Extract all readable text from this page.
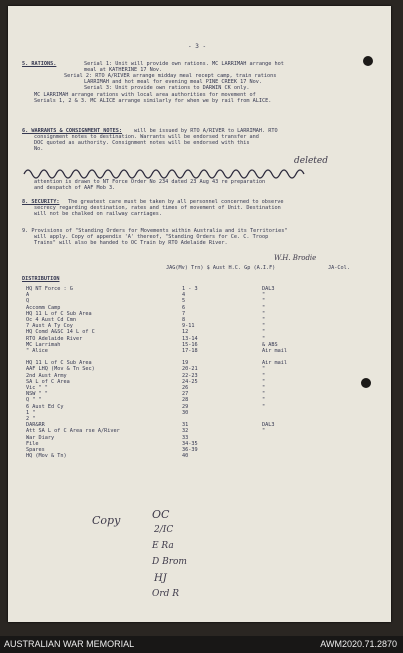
- 3 -
5. RATIONS.	Serial 1: Unit will provide own rations. MC LARRIMAH arrange hot
meal at KATHERINE 17 Nov.
Serial 2: RTO A/RIVER arrange midday meal recept camp, train rations
LARRIMAH and hot meal for evening meal PINE CREEK 17 Nov.
Serial 3: Unit provide own rations to DARWIN CK only.
MC LARRIMAH arrange rations with local area authorities for movement of
Serials 1, 2 & 3. MC ALICE arrange similarly for when we by rail from ALICE.
6. WARRANTS & CONSIGNMENT NOTES: will be issued by RTO A/RIVER to LARRIMAH. RTO
consignment notes to destination. Warrants will be endorsed transfer and
DOC quoted as authority. Consignment notes will be endorsed with this
No.
deleted
attention is drawn to NT Force Order No 234 dated 23 Aug 43 re preparation
and despatch of AAF Mob 3.
8. SECURITY: The greatest care must be taken by all personnel concerned to observe
secrecy regarding destination, rates and times of movement of Unit. Destination
will not be chalked on railway carriages.
9. Provisions of "Standing Orders for Movements within Australia and its Territories"
will apply. Copy of appendix 'A' thereof, "Standing Orders for Ce. C. Troop
Trains" will also be handed to OC Train by RTO Adelaide River.
W.H. Brodie
JAG(Mv) Trn) $ Aust H.C. Gp (A.I.F)	JA-Col.
DISTRIBUTION
HQ NT Force : G	1 - 3	DAL3
A	4	"
Q	5	"
Accomm Camp	6	"
HQ 11 L of C Sub Area	7	"
Oc 4 Aust Cd Cmn	8	"
7 Aust A Ty Coy	9-11	"
HQ Comd A&SC 14 L of C	12	"
RTO Adelaide River	13-14	"
MC Larrimah	15-16	& ABS
" Alice	17-18	Air mail
HQ 11 L of C Sub Area	19	Air mail
AAF LHQ (Mov & Tn Sec)	20-21	"
2nd Aust Army	22-23	"
SA L of C Area	24-25	"
Vic " "	26	"
NSW " "	27	"
Q " "	28	"
6 Aust Ed Cy	29	"
1 "	30
2 "
DAR&RR	31	DAL3
Att SA L of C Area rse A/River	32	"
War Diary	33
File	34-35
Spares	36-39
HQ (Mov & Tn)	40
Copy	OC
2/IC
E Ra
D Brom
HJ
Ord R
AUSTRALIAN WAR MEMORIAL	AWM2020.71.2870
